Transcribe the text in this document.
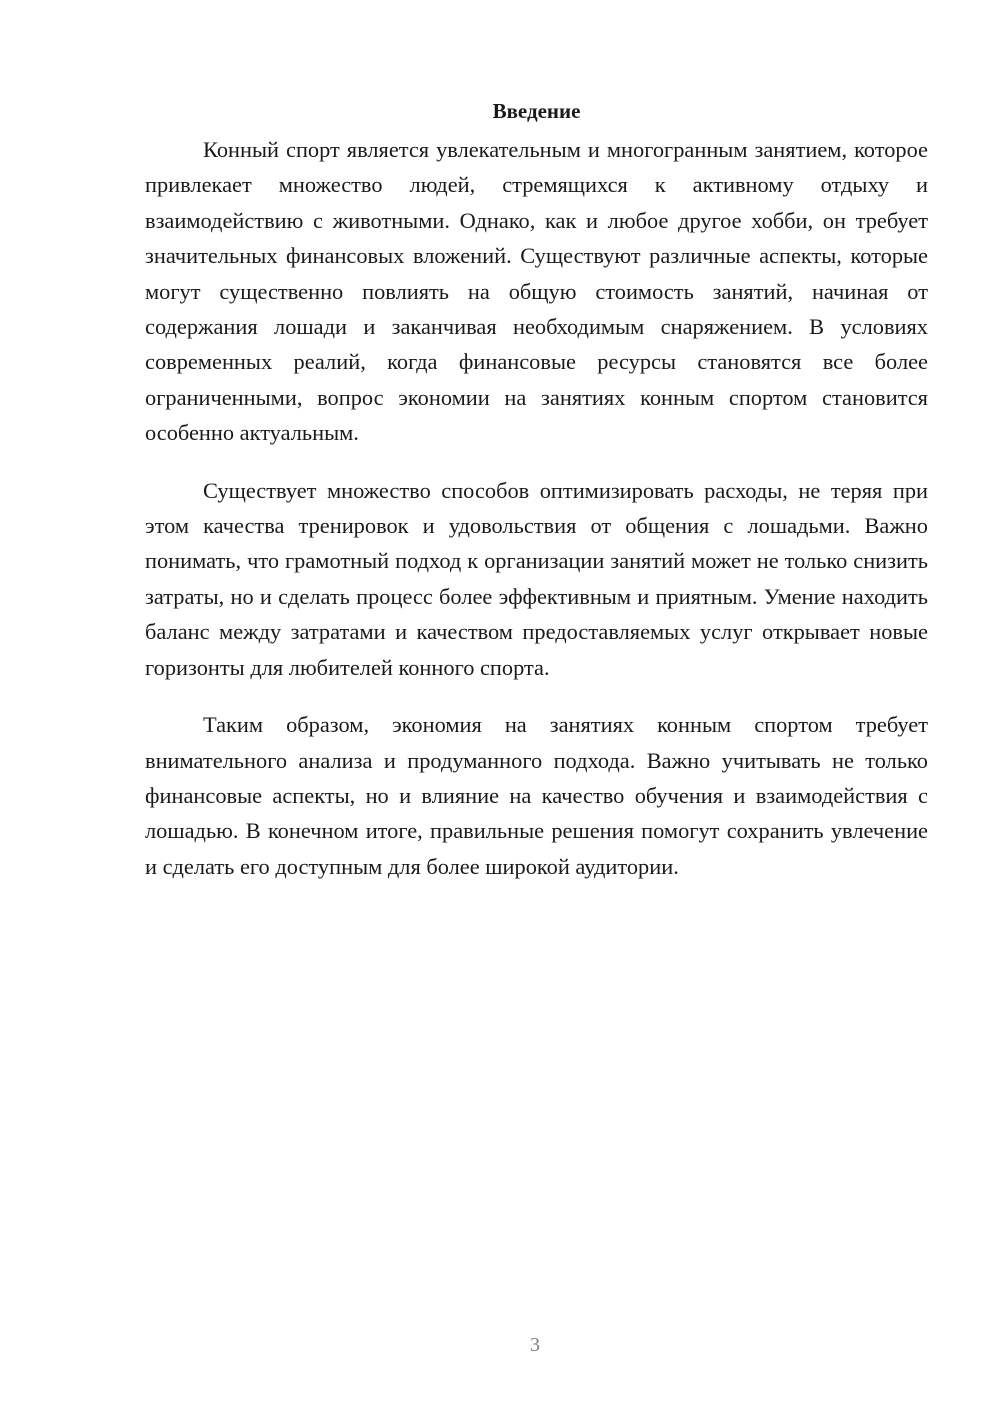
Введение

Конный спорт является увлекательным и многогранным занятием, которое привлекает множество людей, стремящихся к активному отдыху и взаимодействию с животными. Однако, как и любое другое хобби, он требует значительных финансовых вложений. Существуют различные аспекты, которые могут существенно повлиять на общую стоимость занятий, начиная от содержания лошади и заканчивая необходимым снаряжением. В условиях современных реалий, когда финансовые ресурсы становятся все более ограниченными, вопрос экономии на занятиях конным спортом становится особенно актуальным.

Существует множество способов оптимизировать расходы, не теряя при этом качества тренировок и удовольствия от общения с лошадьми. Важно понимать, что грамотный подход к организации занятий может не только снизить затраты, но и сделать процесс более эффективным и приятным. Умение находить баланс между затратами и качеством предоставляемых услуг открывает новые горизонты для любителей конного спорта.

Таким образом, экономия на занятиях конным спортом требует внимательного анализа и продуманного подхода. Важно учитывать не только финансовые аспекты, но и влияние на качество обучения и взаимодействия с лошадью. В конечном итоге, правильные решения помогут сохранить увлечение и сделать его доступным для более широкой аудитории.

3
